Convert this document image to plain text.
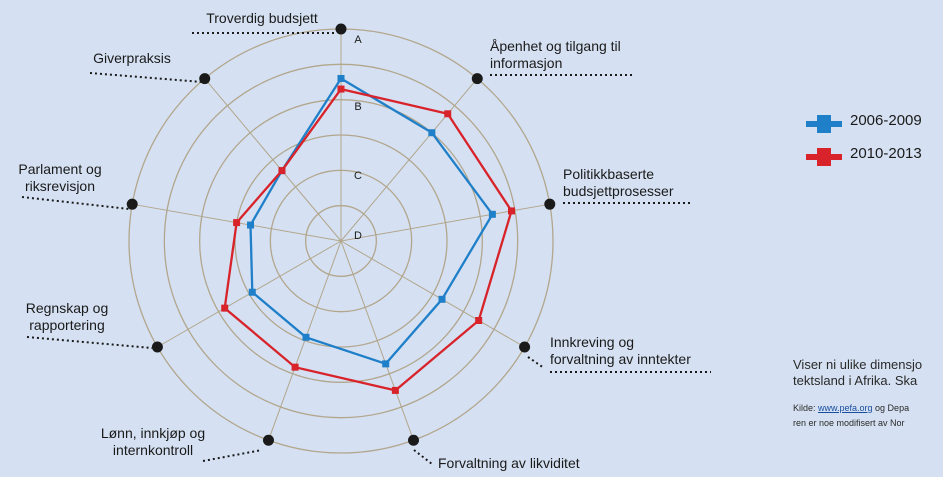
D
C
B
A
Troverdig budsjett
Åpenhet og tilgang til
informasjon
Politikkbaserte
budsjettprosesser
Innkreving og
forvaltning av inntekter
Forvaltning av likviditet
Lønn, innkjøp og
internkontroll
Regnskap og
rapportering
Parlament og
riksrevisjon
Giverpraksis
2006-2009
2010-2013
Viser ni ulike dimensjo
tektsland i Afrika. Ska
Kilde: www.pefa.org og Depa
ren er noe modifisert av Nor
